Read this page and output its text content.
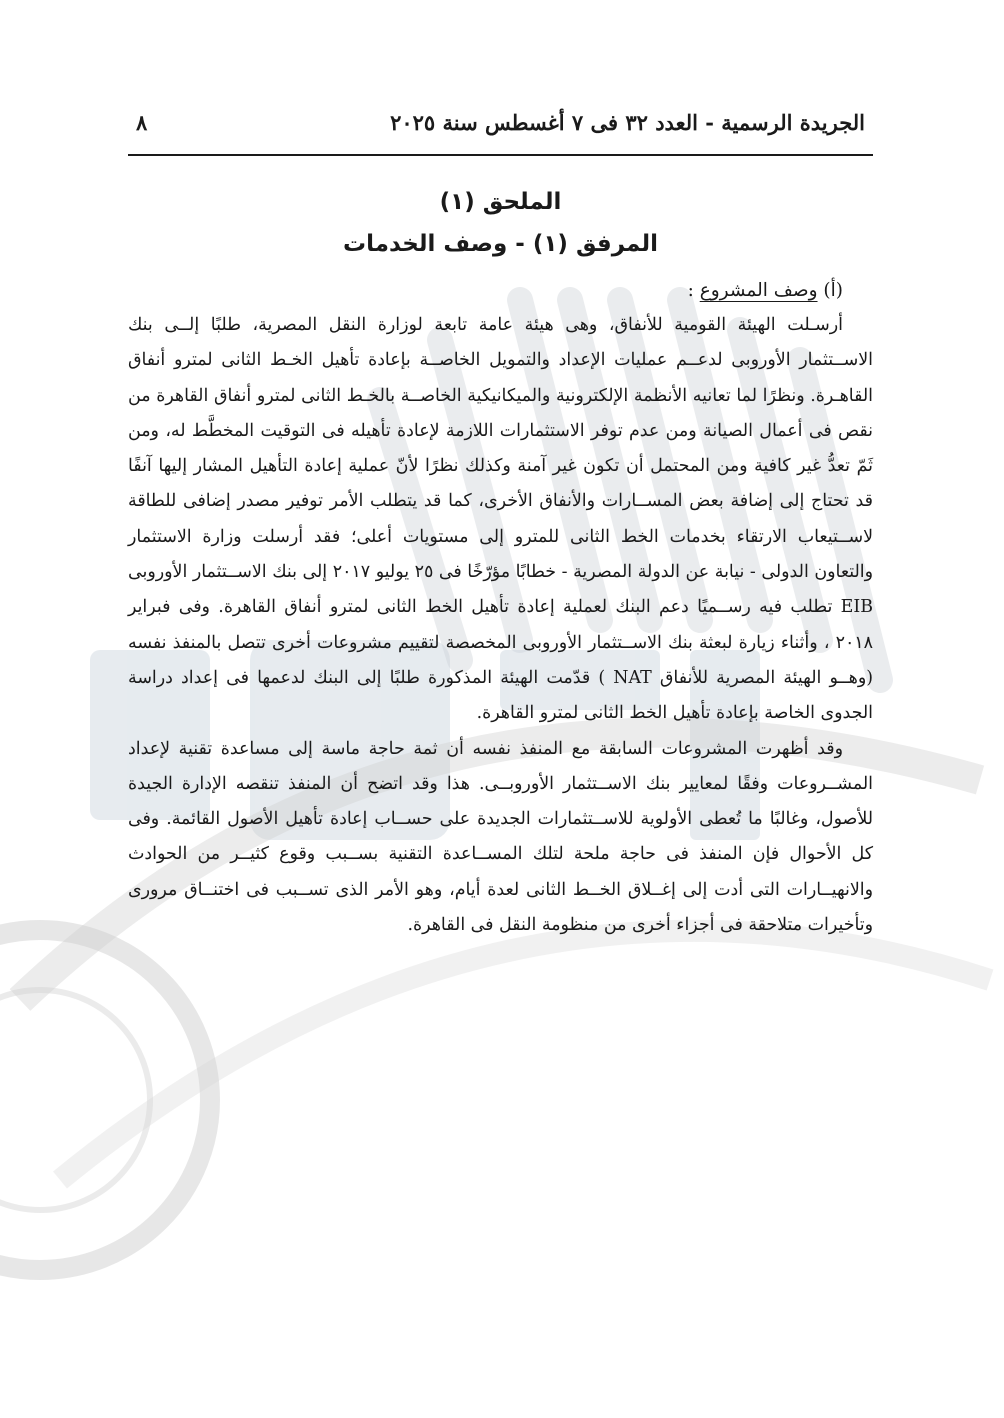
الجريدة الرسمية - العدد ٣٢ فى ٧ أغسطس سنة ٢٠٢٥
٨
الملحق (١)
المرفق (١) - وصف الخدمات
(أ) وصف المشروع :

أرسـلت الهيئة القومية للأنفاق، وهى هيئة عامة تابعة لوزارة النقل المصرية، طلبًا إلــى بنك الاســتثمار الأوروبى لدعــم عمليات الإعداد والتمويل الخاصــة بإعادة تأهيل الخـط الثانى لمترو أنفاق القاهـرة. ونظرًا لما تعانيه الأنظمة الإلكترونية والميكانيكية الخاصــة بالخـط الثانى لمترو أنفاق القاهرة من نقص فى أعمال الصيانة ومن عدم توفر الاستثمارات اللازمة لإعادة تأهيله فى التوقيت المخطَّط له، ومن ثَمّ تعدُّ غير كافية ومن المحتمل أن تكون غير آمنة وكذلك نظرًا لأنّ عملية إعادة التأهيل المشار إليها آنفًا قد تحتاج إلى إضافة بعض المســارات والأنفاق الأخرى، كما قد يتطلب الأمر توفير مصدر إضافى للطاقة لاســتيعاب الارتقاء بخدمات الخط الثانى للمترو إلى مستويات أعلى؛ فقد أرسلت وزارة الاستثمار والتعاون الدولى - نيابة عن الدولة المصرية - خطابًا مؤرّخًا فى ٢٥ يوليو ٢٠١٧ إلى بنك الاســتثمار الأوروبى EIB تطلب فيه رســميًا دعم البنك لعملية إعادة تأهيل الخط الثانى لمترو أنفاق القاهرة. وفى فبراير ٢٠١٨ ، وأثناء زيارة لبعثة بنك الاســتثمار الأوروبى المخصصة لتقييم مشروعات أخرى تتصل بالمنفذ نفسه (وهــو الهيئة المصرية للأنفاق NAT ) قدّمت الهيئة المذكورة طلبًا إلى البنك لدعمها فى إعداد دراسة الجدوى الخاصة بإعادة تأهيل الخط الثانى لمترو القاهرة.

وقد أظهرت المشروعات السابقة مع المنفذ نفسه أن ثمة حاجة ماسة إلى مساعدة تقنية لإعداد المشــروعات وفقًا لمعايير بنك الاســتثمار الأوروبــى. هذا وقد اتضح أن المنفذ تنقصه الإدارة الجيدة للأصول، وغالبًا ما تُعطى الأولوية للاســتثمارات الجديدة على حســاب إعادة تأهيل الأصول القائمة. وفى كل الأحوال فإن المنفذ فى حاجة ملحة لتلك المســاعدة التقنية بســبب وقوع كثيــر من الحوادث والانهيــارات التى أدت إلى إغــلاق الخــط الثانى لعدة أيام، وهو الأمر الذى تســبب فى اختنــاق مرورى وتأخيرات متلاحقة فى أجزاء أخرى من منظومة النقل فى القاهرة.
